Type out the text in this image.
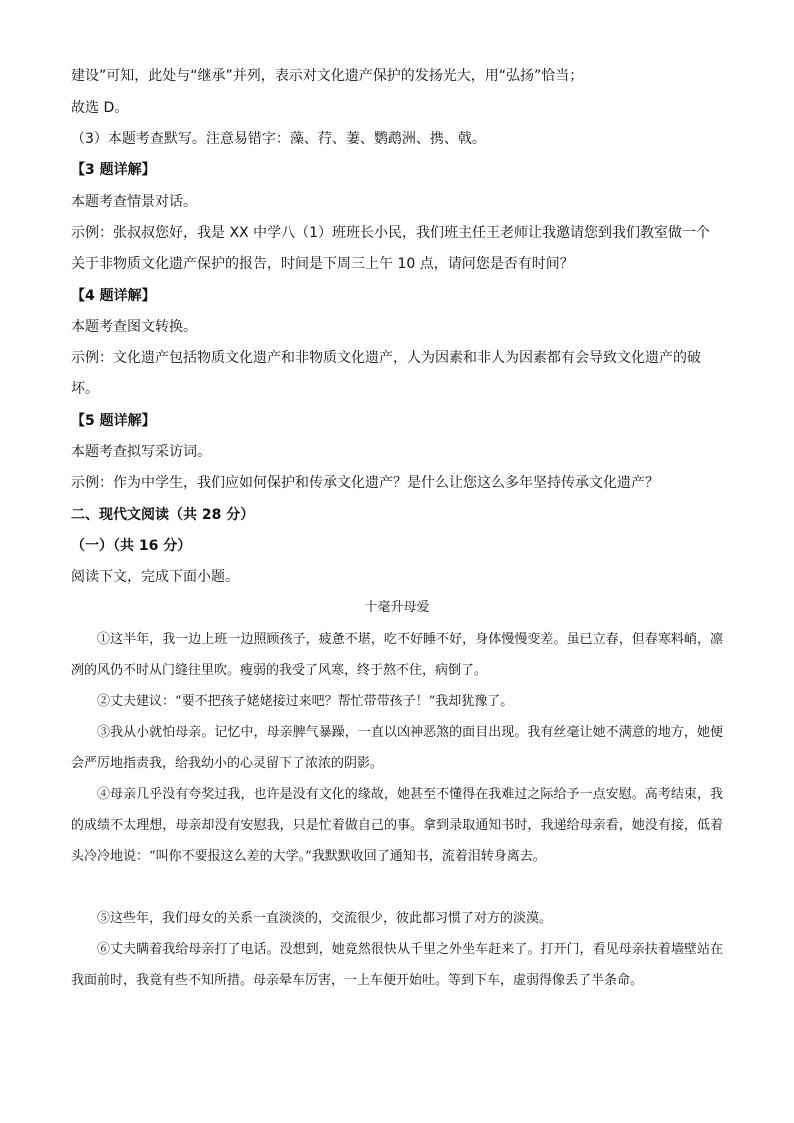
建设”可知，此处与“继承”并列，表示对文化遗产保护的发扬光大，用“弘扬”恰当；
故选 D。
（3）本题考查默写。注意易错字：藻、荇、萋、鹦鹉洲、携、戟。
【3 题详解】
本题考查情景对话。
示例：张叔叔您好，我是 XX 中学八（1）班班长小民，我们班主任王老师让我邀请您到我们教室做一个
关于非物质文化遗产保护的报告，时间是下周三上午 10 点，请问您是否有时间？
【4 题详解】
本题考查图文转换。
示例：文化遗产包括物质文化遗产和非物质文化遗产，人为因素和非人为因素都有会导致文化遗产的破
坏。
【5 题详解】
本题考查拟写采访词。
示例：作为中学生，我们应如何保护和传承文化遗产？是什么让您这么多年坚持传承文化遗产？
二、现代文阅读（共 28 分）
（一）（共 16 分）
阅读下文，完成下面小题。
十毫升母爱
①这半年，我一边上班一边照顾孩子，疲惫不堪，吃不好睡不好，身体慢慢变差。虽已立春，但春寒料峭，凛冽的风仍不时从门缝往里吹。瘦弱的我受了风寒，终于熬不住，病倒了。
②丈夫建议：“要不把孩子姥姥接过来吧？帮忙带带孩子！”我却犹豫了。
③我从小就怕母亲。记忆中，母亲脾气暴躁，一直以凶神恶煞的面目出现。我有丝毫让她不满意的地方，她便会严厉地指责我，给我幼小的心灵留下了浓浓的阴影。
④母亲几乎没有夸奖过我，也许是没有文化的缘故，她甚至不懂得在我难过之际给予一点安慰。高考结束，我的成绩不太理想，母亲却没有安慰我，只是忙着做自己的事。拿到录取通知书时，我递给母亲看，她没有接，低着头冷冷地说：“叫你不要报这么差的大学。”我默默收回了通知书，流着泪转身离去。
⑤这些年，我们母女的关系一直淡淡的，交流很少，彼此都习惯了对方的淡漠。
⑥丈夫瞒着我给母亲打了电话。没想到，她竟然很快从千里之外坐车赶来了。打开门，看见母亲扶着墙壁站在我面前时，我竟有些不知所措。母亲晕车厉害，一上车便开始吐。等到下车，虚弱得像丢了半条命。
